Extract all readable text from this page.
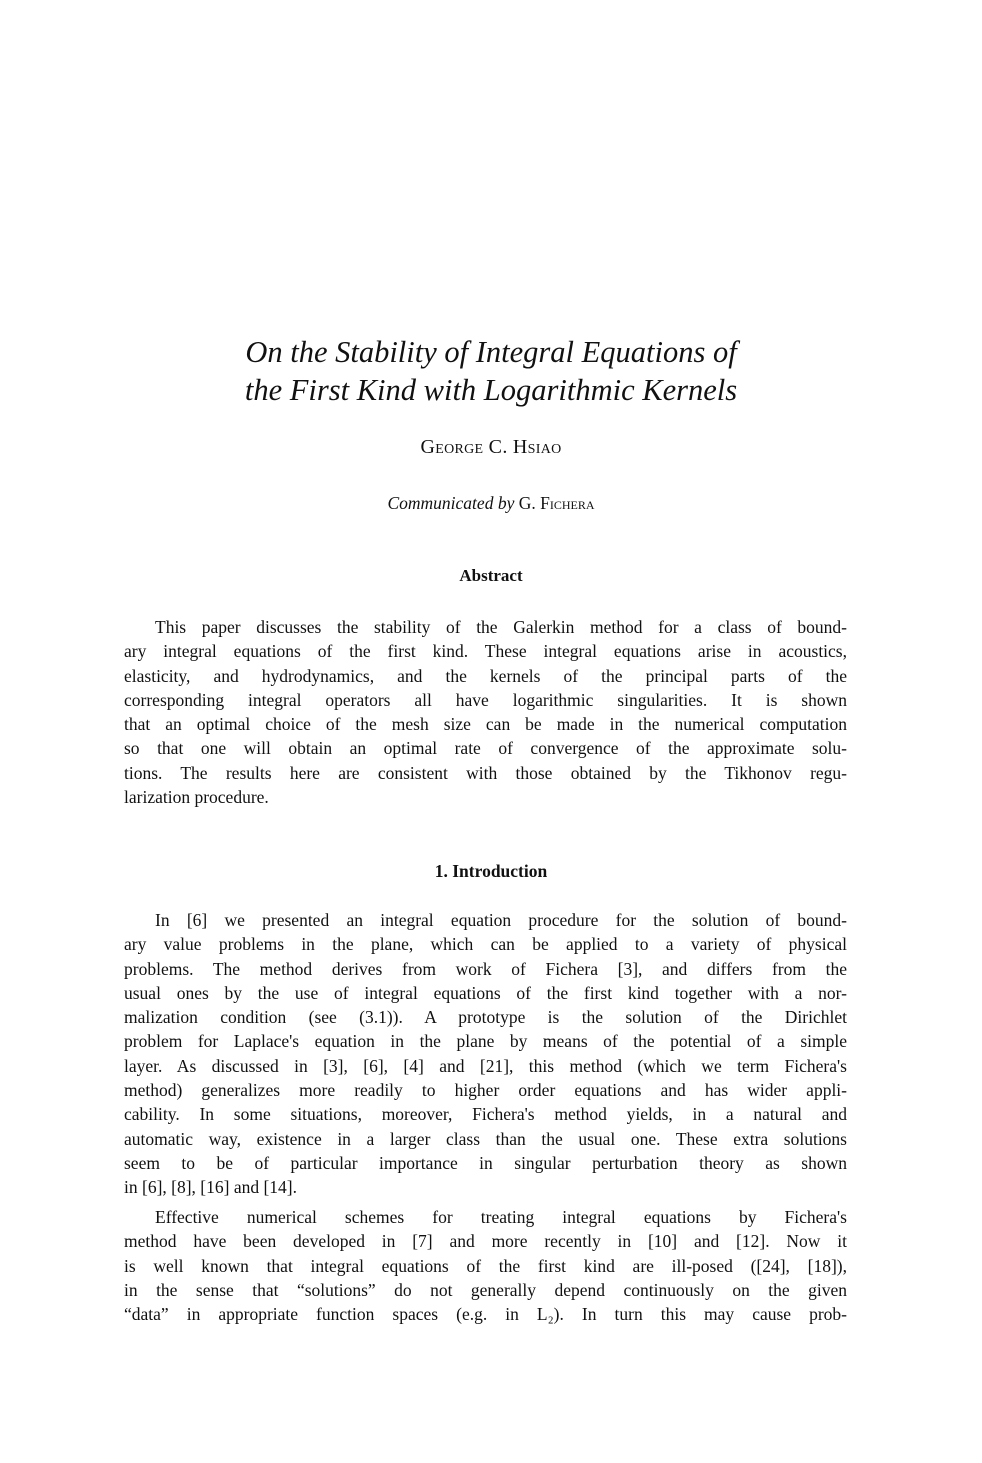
On the Stability of Integral Equations of
the First Kind with Logarithmic Kernels
George C. Hsiao
Communicated by G. Fichera
Abstract
This paper discusses the stability of the Galerkin method for a class of bound-
ary integral equations of the first kind. These integral equations arise in acoustics,
elasticity, and hydrodynamics, and the kernels of the principal parts of the
corresponding integral operators all have logarithmic singularities. It is shown
that an optimal choice of the mesh size can be made in the numerical computation
so that one will obtain an optimal rate of convergence of the approximate solu-
tions. The results here are consistent with those obtained by the Tikhonov regu-
larization procedure.
1. Introduction
In [6] we presented an integral equation procedure for the solution of bound-
ary value problems in the plane, which can be applied to a variety of physical
problems. The method derives from work of Fichera [3], and differs from the
usual ones by the use of integral equations of the first kind together with a nor-
malization condition (see (3.1)). A prototype is the solution of the Dirichlet
problem for Laplace's equation in the plane by means of the potential of a simple
layer. As discussed in [3], [6], [4] and [21], this method (which we term Fichera's
method) generalizes more readily to higher order equations and has wider appli-
cability. In some situations, moreover, Fichera's method yields, in a natural and
automatic way, existence in a larger class than the usual one. These extra solutions
seem to be of particular importance in singular perturbation theory as shown
in [6], [8], [16] and [14].
Effective numerical schemes for treating integral equations by Fichera's
method have been developed in [7] and more recently in [10] and [12]. Now it
is well known that integral equations of the first kind are ill-posed ([24], [18]),
in the sense that “solutions” do not generally depend continuously on the given
“data” in appropriate function spaces (e.g. in L₂). In turn this may cause prob-
